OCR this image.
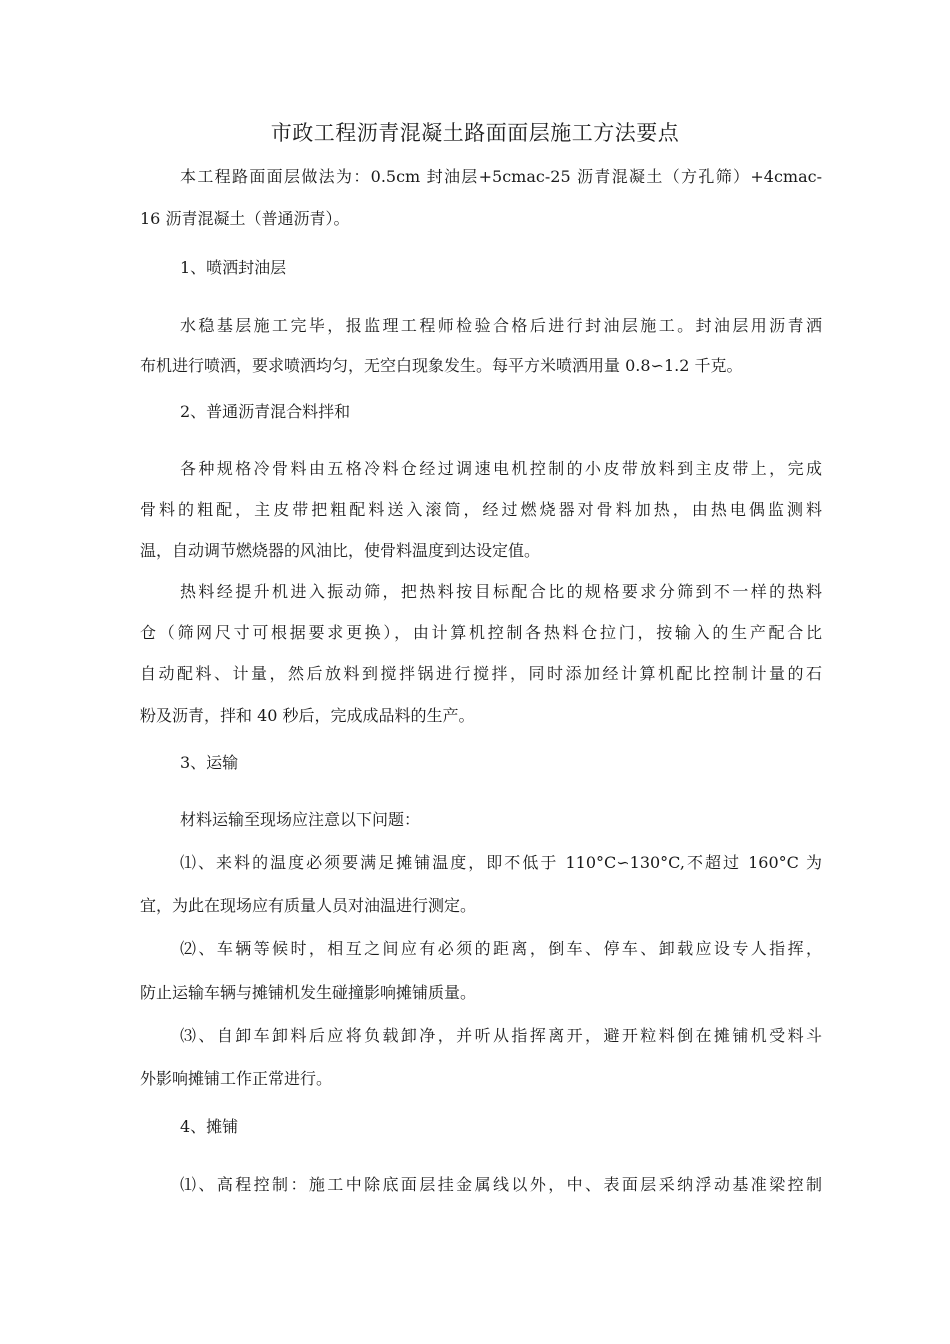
市政工程沥青混凝土路面面层施工方法要点
本工程路面面层做法为：0.5cm 封油层+5cmac-25 沥青混凝土（方孔筛）+4cmac-
16 沥青混凝土（普通沥青）。
1、喷洒封油层
水稳基层施工完毕，报监理工程师检验合格后进行封油层施工。封油层用沥青洒
布机进行喷洒，要求喷洒均匀，无空白现象发生。每平方米喷洒用量 0.8∽1.2 千克。
2、普通沥青混合料拌和
各种规格冷骨料由五格冷料仓经过调速电机控制的小皮带放料到主皮带上，完成
骨料的粗配，主皮带把粗配料送入滚筒，经过燃烧器对骨料加热，由热电偶监测料
温，自动调节燃烧器的风油比，使骨料温度到达设定值。
热料经提升机进入振动筛，把热料按目标配合比的规格要求分筛到不一样的热料
仓（筛网尺寸可根据要求更换），由计算机控制各热料仓拉门，按输入的生产配合比
自动配料、计量，然后放料到搅拌锅进行搅拌，同时添加经计算机配比控制计量的石
粉及沥青，拌和 40 秒后，完成成品料的生产。
3、运输
材料运输至现场应注意以下问题：
⑴、来料的温度必须要满足摊铺温度，即不低于 110°C∽130°C,不超过 160°C 为
宜，为此在现场应有质量人员对油温进行测定。
⑵、车辆等候时，相互之间应有必须的距离，倒车、停车、卸载应设专人指挥，
防止运输车辆与摊铺机发生碰撞影响摊铺质量。
⑶、自卸车卸料后应将负载卸净，并听从指挥离开，避开粒料倒在摊铺机受料斗
外影响摊铺工作正常进行。
4、摊铺
⑴、高程控制：施工中除底面层挂金属线以外，中、表面层采纳浮动基准梁控制
